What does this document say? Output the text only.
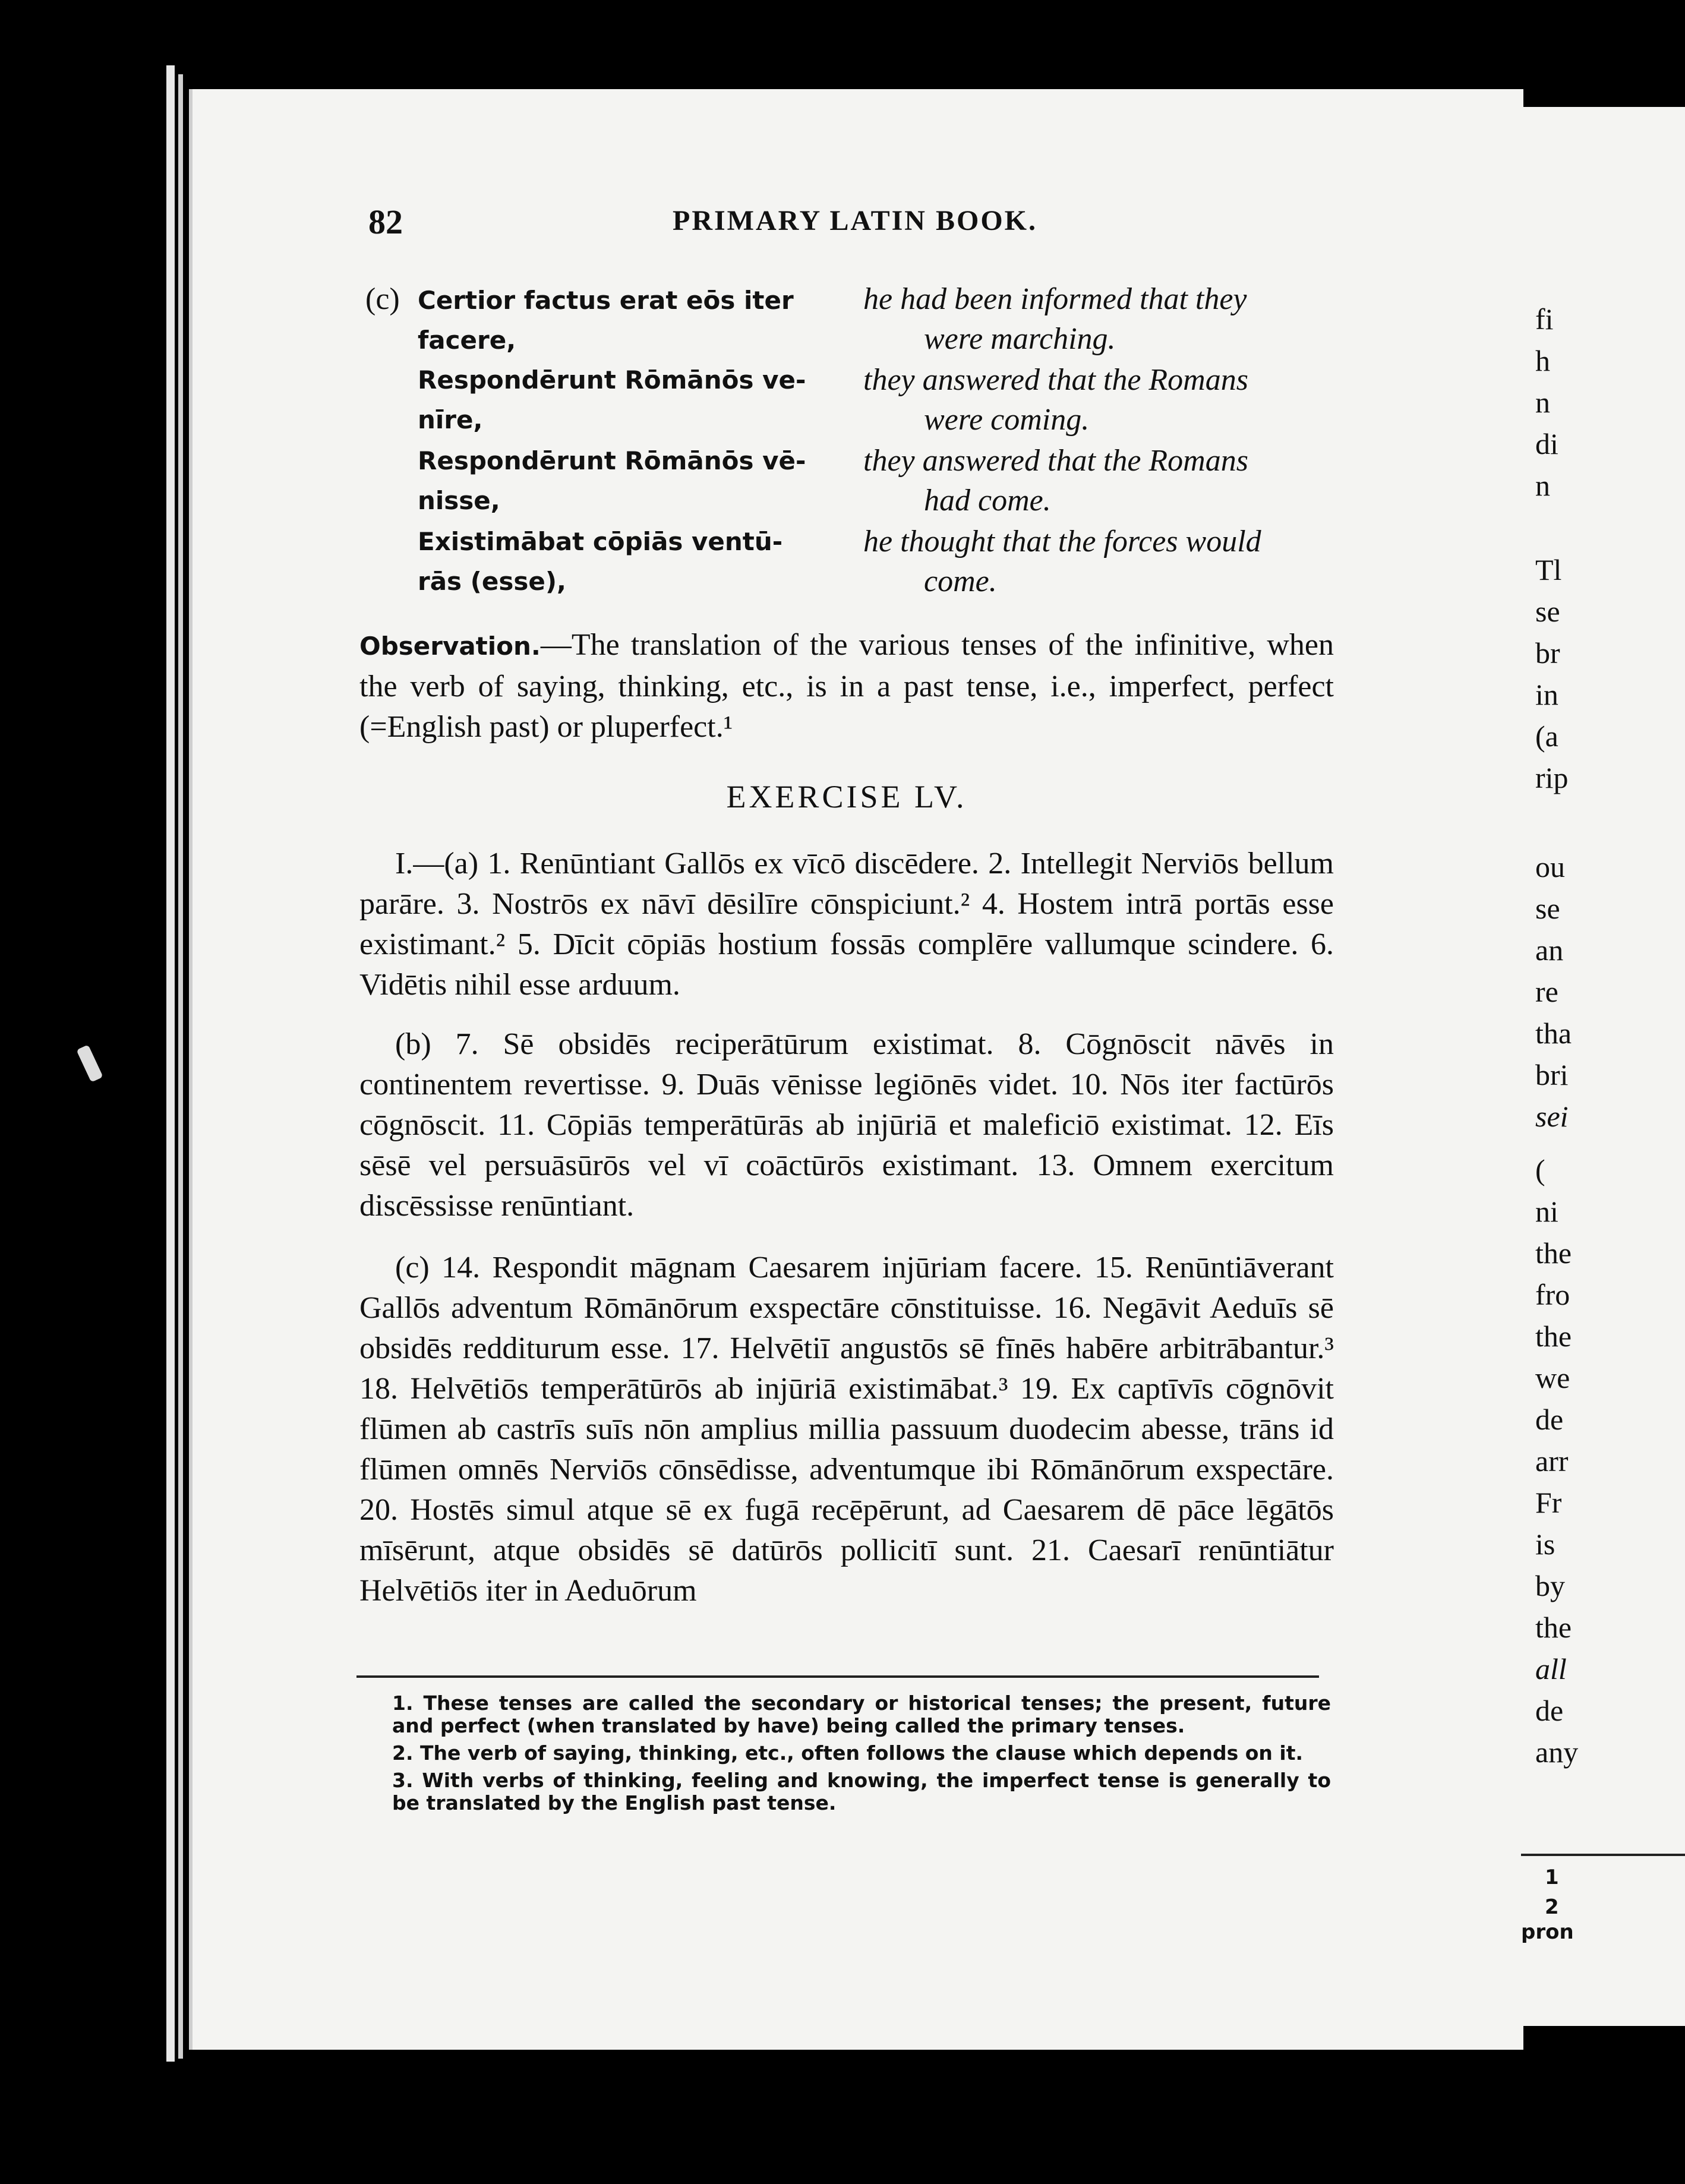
82	PRIMARY LATIN BOOK.
(c) Certior factus erat eōs iter
facere,
he had been informed that they
were marching.
Respondērunt Rōmānōs ve-
nīre,
they answered that the Romans
were coming.
Respondērunt Rōmānōs vē-
nisse,
they answered that the Romans
had come.
Existimābat cōpiās ventū-
rās (esse),
he thought that the forces would
come.
Observation.—The translation of the various tenses of the infinitive, when the verb of saying, thinking, etc., is in a past tense, i.e., imperfect, perfect (=English past) or pluperfect.¹
EXERCISE LV.
I.—(a) 1. Renūntiant Gallōs ex vīcō discēdere. 2. Intellegit Nerviōs bellum parāre. 3. Nostrōs ex nāvī dēsilīre cōnspiciunt.² 4. Hostem intrā portās esse existimant.² 5. Dīcit cōpiās hostium fossās complēre vallumque scindere. 6. Vidētis nihil esse arduum.
(b) 7. Sē obsidēs reciperātūrum existimat. 8. Cōgnōscit nāvēs in continentem revertisse. 9. Duās vēnisse legiōnēs videt. 10. Nōs iter factūrōs cōgnōscit. 11. Cōpiās temperātūrās ab injūriā et maleficiō existimat. 12. Eīs sēsē vel persuāsūrōs vel vī coāctūrōs existimant. 13. Omnem exercitum discēssisse renūntiant.
(c) 14. Respondit māgnam Caesarem injūriam facere. 15. Renūntiāverant Gallōs adventum Rōmānōrum exspectāre cōnstituisse. 16. Negāvit Aeduīs sē obsidēs redditurum esse. 17. Helvētiī angustōs sē fīnēs habēre arbitrābantur.³ 18. Helvētiōs temperātūrōs ab injūriā existimābat.³ 19. Ex captīvīs cōgnōvit flūmen ab castrīs suīs nōn amplius millia passuum duodecim abesse, trāns id flūmen omnēs Nerviōs cōnsēdisse, adventumque ibi Rōmānōrum exspectāre. 20. Hostēs simul atque sē ex fugā recēpērunt, ad Caesarem dē pāce lēgātōs mīsērunt, atque obsidēs sē datūrōs pollicitī sunt. 21. Caesarī renūntiātur Helvētiōs iter in Aeduōrum

1. These tenses are called the secondary or historical tenses; the present, future and perfect (when translated by have) being called the primary tenses.

2. The verb of saying, thinking, etc., often follows the clause which depends on it.

3. With verbs of thinking, feeling and knowing, the imperfect tense is generally to be translated by the English past tense.

fi
h
n
di
n
Tl
se
br
in
(a
rip
ou
se
an
re
tha
bri
sei
(
ni
the
fro
the
we
de
arr
Fr
is
by
the
all
de
any
1
2
pron
